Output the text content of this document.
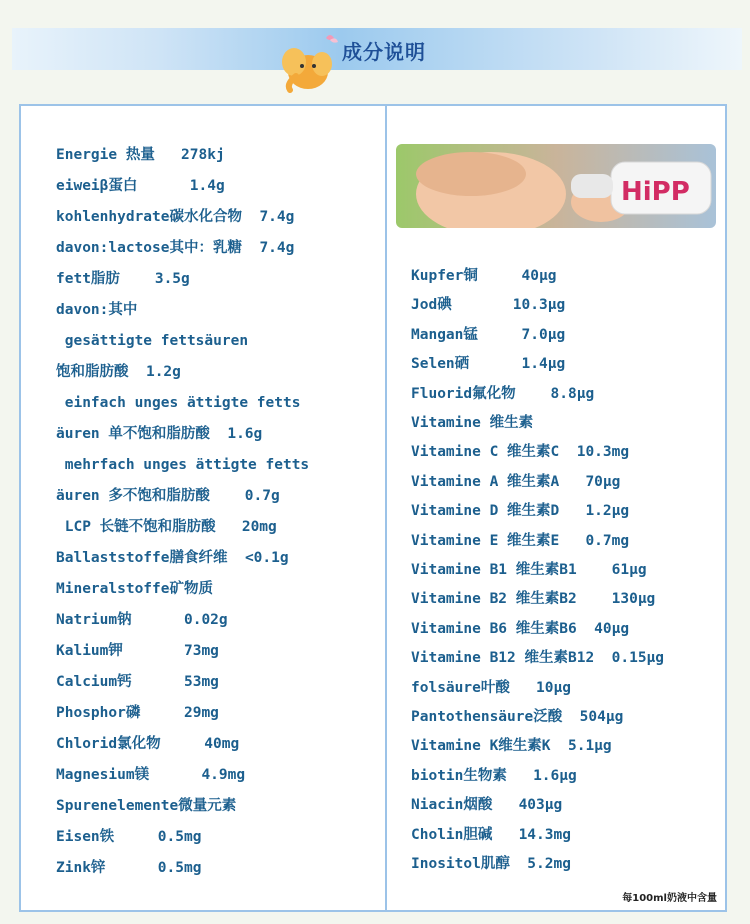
成分说明
Energie 热量   278kj
eiweiβ蛋白      1.4g
kohlenhydrate碳水化合物  7.4g
davon:lactose其中：乳糖  7.4g
fett脂肪    3.5g
davon:其中
gesättigte fettsäuren
饱和脂肪酸  1.2g
einfach unges ättigte fetts
äuren 单不饱和脂肪酸  1.6g
mehrfach unges ättigte fetts
äuren 多不饱和脂肪酸    0.7g
LCP 长链不饱和脂肪酸   20mg
Ballaststoffe膳食纤维  <0.1g
Mineralstoffe矿物质
Natrium钠      0.02g
Kalium钾       73mg
Calcium钙      53mg
Phosphor磷     29mg
Chlorid氯化物     40mg
Magnesium镁      4.9mg
Spurenelemente微量元素
Eisen铁     0.5mg
Zink锌      0.5mg
HiPP
Kupfer铜     40µg
Jod碘       10.3µg
Mangan锰     7.0µg
Selen硒      1.4µg
Fluorid氟化物    8.8µg
Vitamine 维生素
Vitamine C 维生素C  10.3mg
Vitamine A 维生素A   70µg
Vitamine D 维生素D   1.2µg
Vitamine E 维生素E   0.7mg
Vitamine B1 维生素B1    61µg
Vitamine B2 维生素B2    130µg
Vitamine B6 维生素B6  40µg
Vitamine B12 维生素B12  0.15µg
folsäure叶酸   10µg
Pantothensäure泛酸  504µg
Vitamine K维生素K  5.1µg
biotin生物素   1.6µg
Niacin烟酸   403µg
Cholin胆碱   14.3mg
Inositol肌醇  5.2mg
每100ml奶液中含量
